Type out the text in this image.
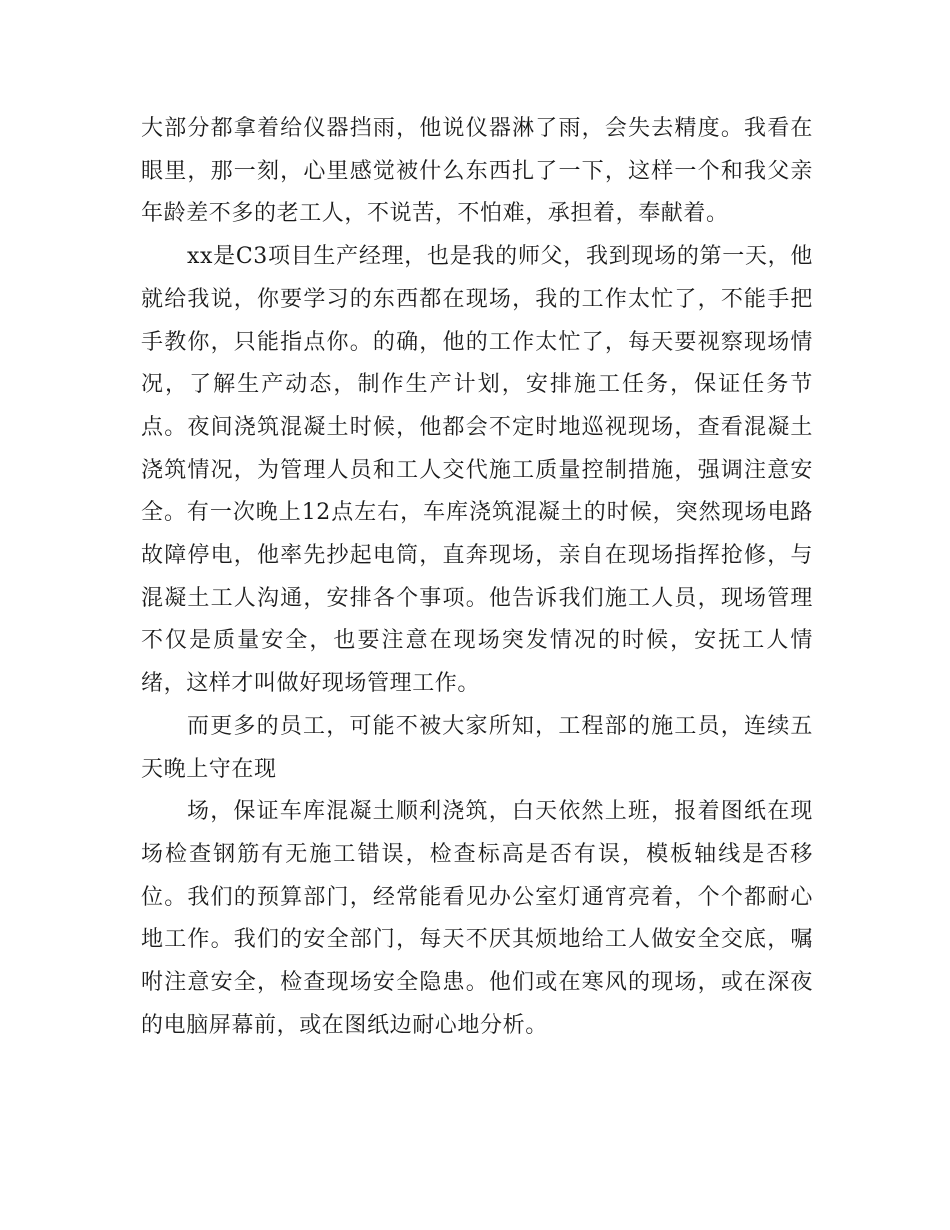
大部分都拿着给仪器挡雨，他说仪器淋了雨，会失去精度。我看在眼里，那一刻，心里感觉被什么东西扎了一下，这样一个和我父亲年龄差不多的老工人，不说苦，不怕难，承担着，奉献着。

xx是C3项目生产经理，也是我的师父，我到现场的第一天，他就给我说，你要学习的东西都在现场，我的工作太忙了，不能手把手教你，只能指点你。的确，他的工作太忙了，每天要视察现场情况，了解生产动态，制作生产计划，安排施工任务，保证任务节点。夜间浇筑混凝土时候，他都会不定时地巡视现场，查看混凝土浇筑情况，为管理人员和工人交代施工质量控制措施，强调注意安全。有一次晚上12点左右，车库浇筑混凝土的时候，突然现场电路故障停电，他率先抄起电筒，直奔现场，亲自在现场指挥抢修，与混凝土工人沟通，安排各个事项。他告诉我们施工人员，现场管理不仅是质量安全，也要注意在现场突发情况的时候，安抚工人情绪，这样才叫做好现场管理工作。

而更多的员工，可能不被大家所知，工程部的施工员，连续五天晚上守在现

场，保证车库混凝土顺利浇筑，白天依然上班，报着图纸在现场检查钢筋有无施工错误，检查标高是否有误，模板轴线是否移位。我们的预算部门，经常能看见办公室灯通宵亮着，个个都耐心地工作。我们的安全部门，每天不厌其烦地给工人做安全交底，嘱咐注意安全，检查现场安全隐患。他们或在寒风的现场，或在深夜的电脑屏幕前，或在图纸边耐心地分析。
